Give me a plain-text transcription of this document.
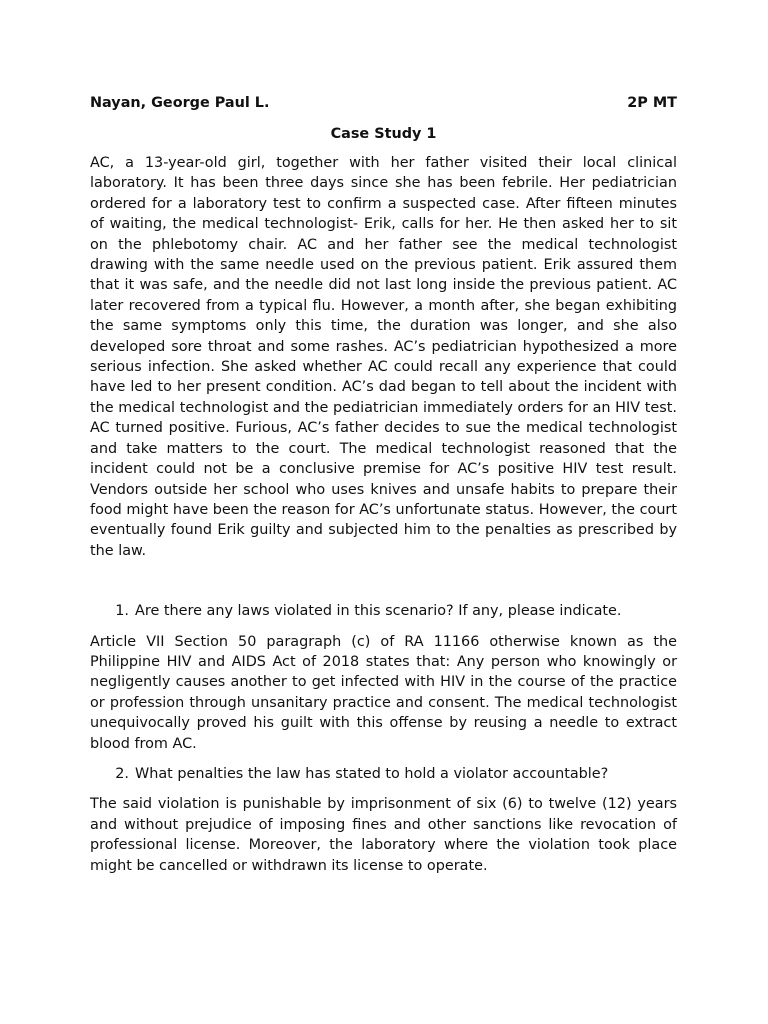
Nayan, George Paul L.	2P MT
Case Study 1

AC, a 13-year-old girl, together with her father visited their local clinical laboratory. It has been three days since she has been febrile. Her pediatrician ordered for a laboratory test to confirm a suspected case. After fifteen minutes of waiting, the medical technologist- Erik, calls for her. He then asked her to sit on the phlebotomy chair. AC and her father see the medical technologist drawing with the same needle used on the previous patient. Erik assured them that it was safe, and the needle did not last long inside the previous patient. AC later recovered from a typical flu. However, a month after, she began exhibiting the same symptoms only this time, the duration was longer, and she also developed sore throat and some rashes. AC’s pediatrician hypothesized a more serious infection. She asked whether AC could recall any experience that could have led to her present condition. AC’s dad began to tell about the incident with the medical technologist and the pediatrician immediately orders for an HIV test. AC turned positive. Furious, AC’s father decides to sue the medical technologist and take matters to the court. The medical technologist reasoned that the incident could not be a conclusive premise for AC’s positive HIV test result. Vendors outside her school who uses knives and unsafe habits to prepare their food might have been the reason for AC’s unfortunate status. However, the court eventually found Erik guilty and subjected him to the penalties as prescribed by the law.

1. Are there any laws violated in this scenario? If any, please indicate.

Article VII Section 50 paragraph (c) of RA 11166 otherwise known as the Philippine HIV and AIDS Act of 2018 states that: Any person who knowingly or negligently causes another to get infected with HIV in the course of the practice or profession through unsanitary practice and consent. The medical technologist unequivocally proved his guilt with this offense by reusing a needle to extract blood from AC.

2. What penalties the law has stated to hold a violator accountable?

The said violation is punishable by imprisonment of six (6) to twelve (12) years and without prejudice of imposing fines and other sanctions like revocation of professional license. Moreover, the laboratory where the violation took place might be cancelled or withdrawn its license to operate.
